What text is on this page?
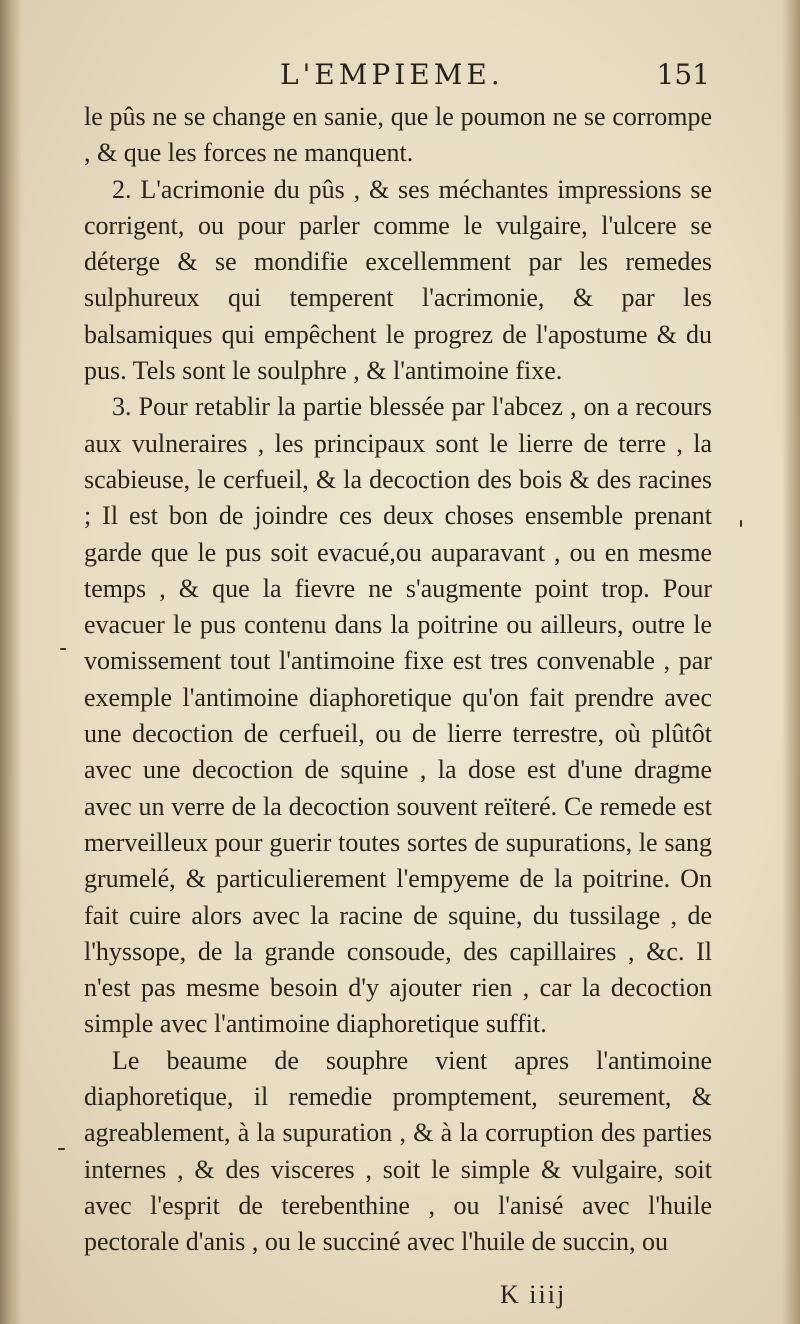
L'EMPIEME.	151

le pûs ne se change en sanie, que le poumon ne se corrompe , & que les forces ne manquent.

2. L'acrimonie du pûs , & ses méchantes impressions se corrigent, ou pour parler comme le vulgaire, l'ulcere se déterge & se mondifie excellemment par les remedes sulphureux qui temperent l'acrimonie, & par les balsamiques qui empêchent le progrez de l'apostume & du pus. Tels sont le soulphre , & l'antimoine fixe.

3. Pour retablir la partie blessée par l'abcez , on a recours aux vulneraires , les principaux sont le lierre de terre , la scabieuse, le cerfueil, & la decoction des bois & des racines ; Il est bon de joindre ces deux choses ensemble prenant garde que le pus soit evacué,ou auparavant , ou en mesme temps , & que la fievre ne s'augmente point trop. Pour evacuer le pus contenu dans la poitrine ou ailleurs, outre le vomissement tout l'antimoine fixe est tres convenable , par exemple l'antimoine diaphoretique qu'on fait prendre avec une decoction de cerfueil, ou de lierre terrestre, où plûtôt avec une decoction de squine , la dose est d'une dragme avec un verre de la decoction souvent reïteré. Ce remede est merveilleux pour guerir toutes sortes de supurations, le sang grumelé, & particulierement l'empyeme de la poitrine. On fait cuire alors avec la racine de squine, du tussilage , de l'hyssope, de la grande consoude, des capillaires , &c. Il n'est pas mesme besoin d'y ajouter rien , car la decoction simple avec l'antimoine diaphoretique suffit.

Le beaume de souphre vient apres l'antimoine diaphoretique, il remedie promptement, seurement, & agreablement, à la supuration , & à la corruption des parties internes , & des visceres , soit le simple & vulgaire, soit avec l'esprit de terebenthine , ou l'anisé avec l'huile pectorale d'anis , ou le succiné avec l'huile de succin, ou

K iiij
